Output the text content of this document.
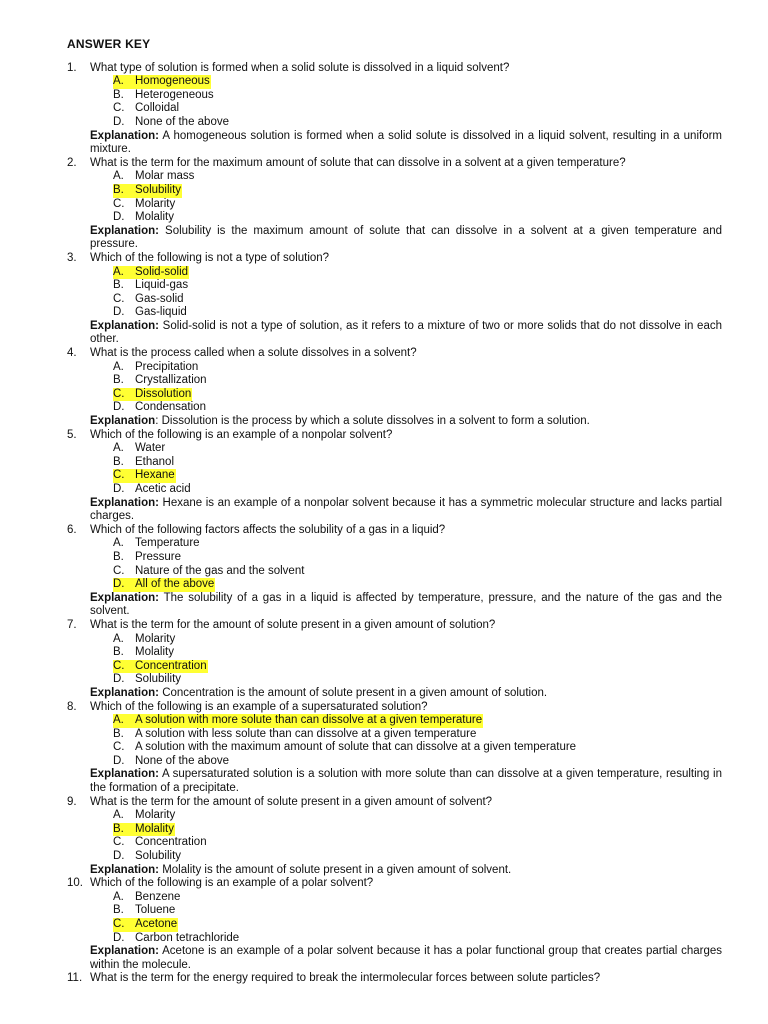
ANSWER KEY
1.	What type of solution is formed when a solid solute is dissolved in a liquid solvent?
A. Homogeneous
B. Heterogeneous
C. Colloidal
D. None of the above
Explanation: A homogeneous solution is formed when a solid solute is dissolved in a liquid solvent, resulting in a uniform mixture.
2.	What is the term for the maximum amount of solute that can dissolve in a solvent at a given temperature?
A. Molar mass
B. Solubility
C. Molarity
D. Molality
Explanation: Solubility is the maximum amount of solute that can dissolve in a solvent at a given temperature and pressure.
3.	Which of the following is not a type of solution?
A. Solid-solid
B. Liquid-gas
C. Gas-solid
D. Gas-liquid
Explanation: Solid-solid is not a type of solution, as it refers to a mixture of two or more solids that do not dissolve in each other.
4.	What is the process called when a solute dissolves in a solvent?
A. Precipitation
B. Crystallization
C. Dissolution
D. Condensation
Explanation: Dissolution is the process by which a solute dissolves in a solvent to form a solution.
5.	Which of the following is an example of a nonpolar solvent?
A. Water
B. Ethanol
C. Hexane
D. Acetic acid
Explanation: Hexane is an example of a nonpolar solvent because it has a symmetric molecular structure and lacks partial charges.
6.	Which of the following factors affects the solubility of a gas in a liquid?
A. Temperature
B. Pressure
C. Nature of the gas and the solvent
D. All of the above
Explanation: The solubility of a gas in a liquid is affected by temperature, pressure, and the nature of the gas and the solvent.
7.	What is the term for the amount of solute present in a given amount of solution?
A. Molarity
B. Molality
C. Concentration
D. Solubility
Explanation: Concentration is the amount of solute present in a given amount of solution.
8.	Which of the following is an example of a supersaturated solution?
A. A solution with more solute than can dissolve at a given temperature
B. A solution with less solute than can dissolve at a given temperature
C. A solution with the maximum amount of solute that can dissolve at a given temperature
D. None of the above
Explanation: A supersaturated solution is a solution with more solute than can dissolve at a given temperature, resulting in the formation of a precipitate.
9.	What is the term for the amount of solute present in a given amount of solvent?
A. Molarity
B. Molality
C. Concentration
D. Solubility
Explanation: Molality is the amount of solute present in a given amount of solvent.
10. Which of the following is an example of a polar solvent?
A. Benzene
B. Toluene
C. Acetone
D. Carbon tetrachloride
Explanation: Acetone is an example of a polar solvent because it has a polar functional group that creates partial charges within the molecule.
11. What is the term for the energy required to break the intermolecular forces between solute particles?
